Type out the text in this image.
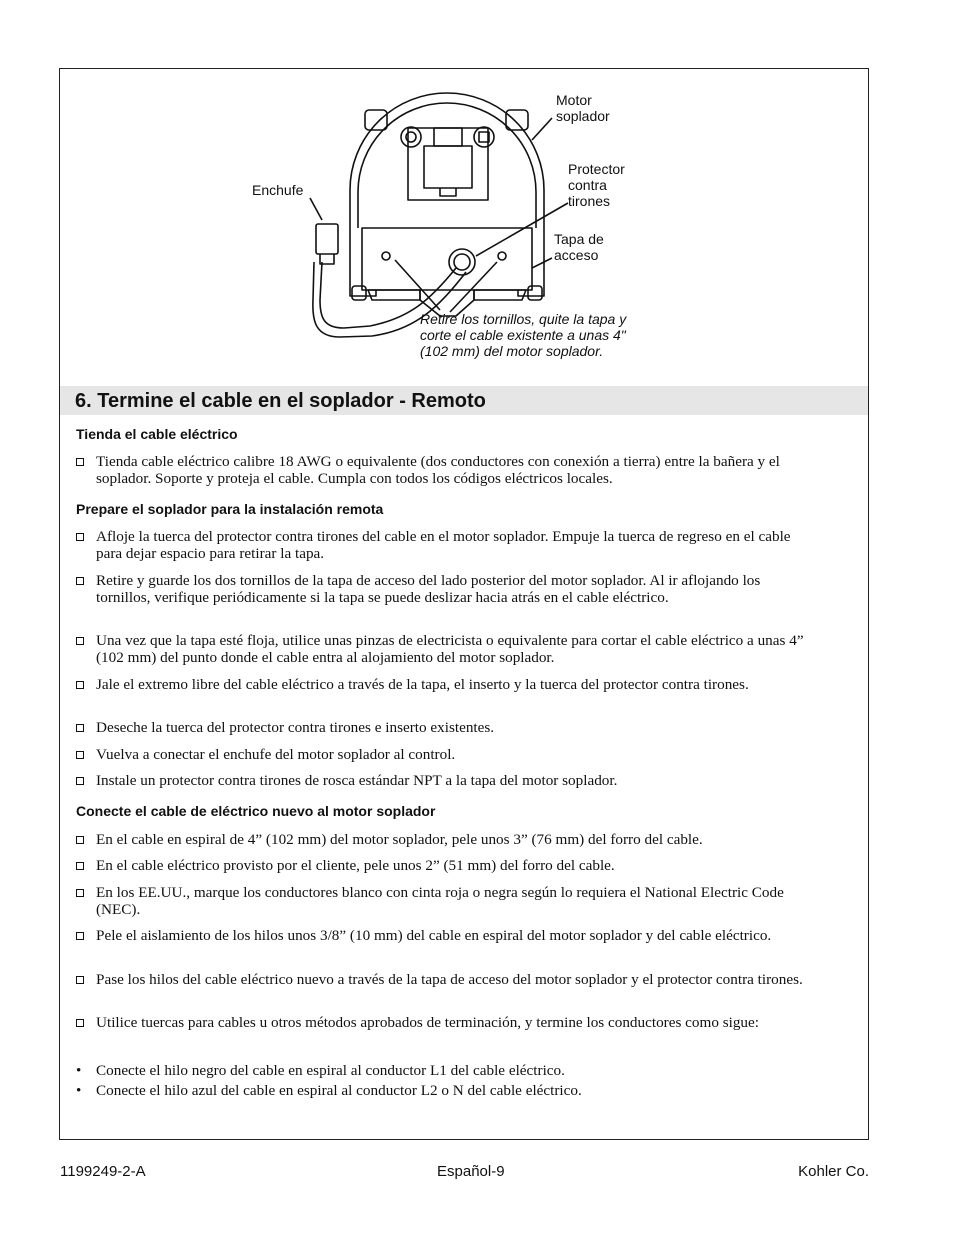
Motor
soplador
Enchufe
Protector
contra
tirones
Tapa de
acceso
Retire los tornillos, quite la tapa y
corte el cable existente a unas 4"
(102 mm) del motor soplador.
6. Termine el cable en el soplador - Remoto
Tienda el cable eléctrico
Tienda cable eléctrico calibre 18 AWG o equivalente (dos conductores con conexión a tierra) entre la bañera y el soplador. Soporte y proteja el cable. Cumpla con todos los códigos eléctricos locales.
Prepare el soplador para la instalación remota
Afloje la tuerca del protector contra tirones del cable en el motor soplador. Empuje la tuerca de regreso en el cable para dejar espacio para retirar la tapa.
Retire y guarde los dos tornillos de la tapa de acceso del lado posterior del motor soplador. Al ir aflojando los tornillos, verifique periódicamente si la tapa se puede deslizar hacia atrás en el cable eléctrico.
Una vez que la tapa esté floja, utilice unas pinzas de electricista o equivalente para cortar el cable eléctrico a unas 4” (102 mm) del punto donde el cable entra al alojamiento del motor soplador.
Jale el extremo libre del cable eléctrico a través de la tapa, el inserto y la tuerca del protector contra tirones.
Deseche la tuerca del protector contra tirones e inserto existentes.
Vuelva a conectar el enchufe del motor soplador al control.
Instale un protector contra tirones de rosca estándar NPT a la tapa del motor soplador.
Conecte el cable de eléctrico nuevo al motor soplador
En el cable en espiral de 4” (102 mm) del motor soplador, pele unos 3” (76 mm) del forro del cable.
En el cable eléctrico provisto por el cliente, pele unos 2” (51 mm) del forro del cable.
En los EE.UU., marque los conductores blanco con cinta roja o negra según lo requiera el National Electric Code (NEC).
Pele el aislamiento de los hilos unos 3/8” (10 mm) del cable en espiral del motor soplador y del cable eléctrico.
Pase los hilos del cable eléctrico nuevo a través de la tapa de acceso del motor soplador y el protector contra tirones.
Utilice tuercas para cables u otros métodos aprobados de terminación, y termine los conductores como sigue:
• Conecte el hilo negro del cable en espiral al conductor L1 del cable eléctrico.
• Conecte el hilo azul del cable en espiral al conductor L2 o N del cable eléctrico.
1199249-2-A	Español-9	Kohler Co.
